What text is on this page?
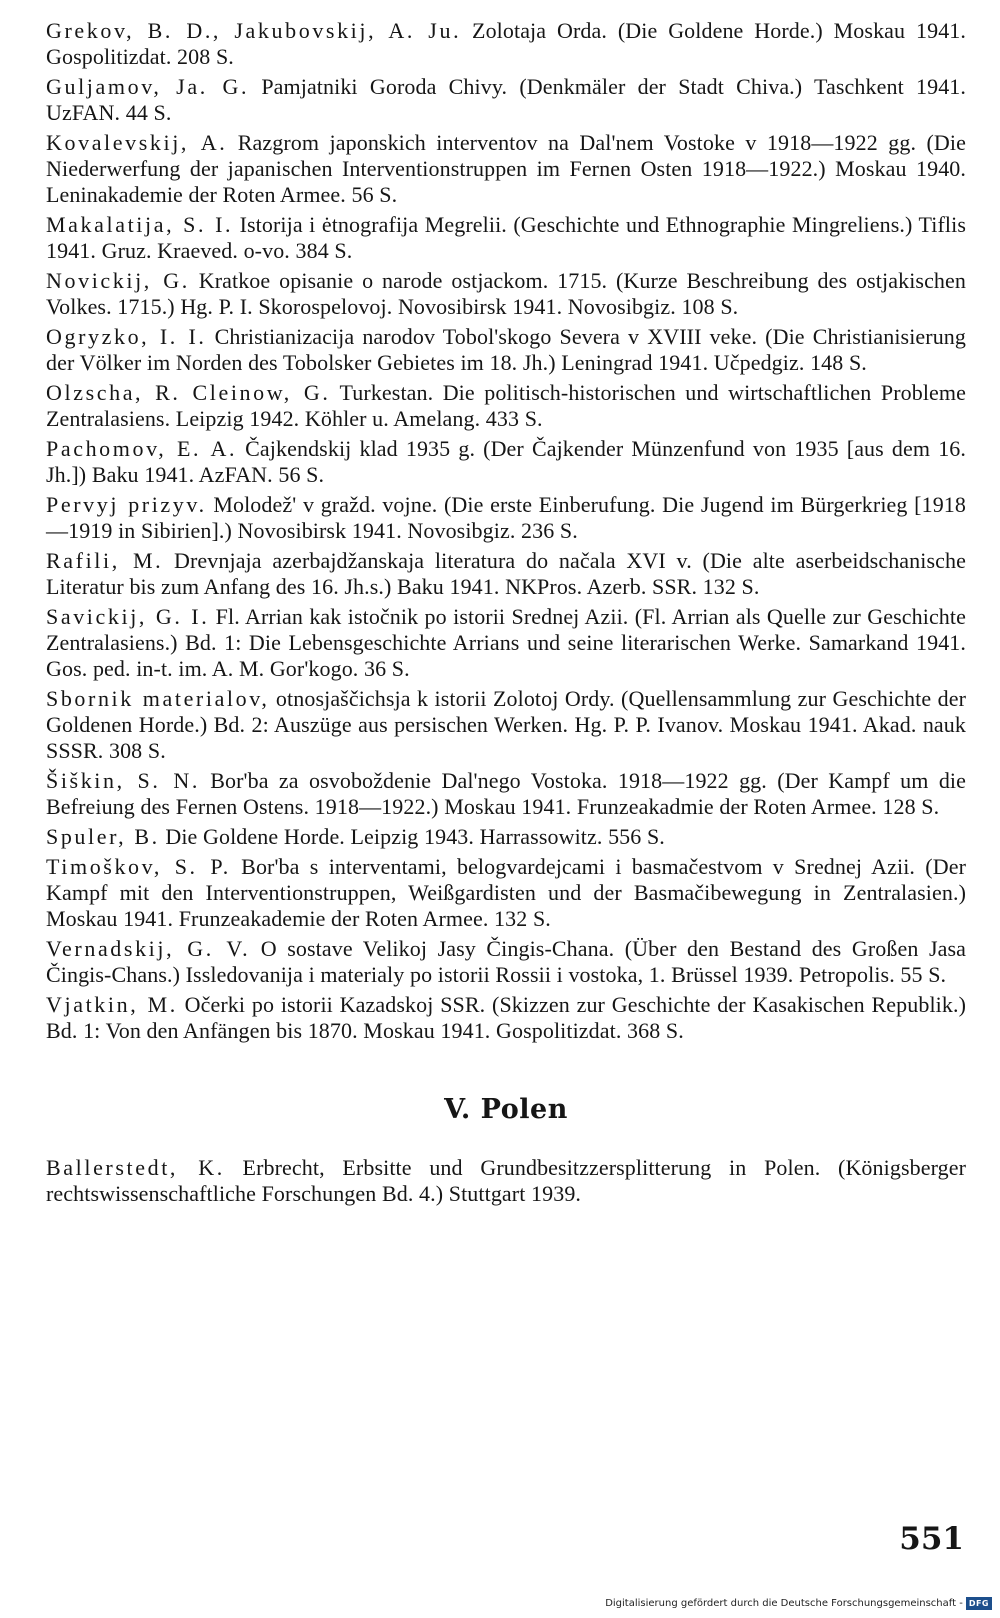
Grekov, B. D., Jakubovskij, A. Ju. Zolotaja Orda. (Die Goldene Horde.) Moskau 1941. Gospolitizdat. 208 S.

Guljamov, Ja. G. Pamjatniki Goroda Chivy. (Denkmäler der Stadt Chiva.) Taschkent 1941. UzFAN. 44 S.

Kovalevskij, A. Razgrom japonskich interventov na Dal'nem Vostoke v 1918—1922 gg. (Die Niederwerfung der japanischen Interventionstruppen im Fernen Osten 1918—1922.) Moskau 1940. Leninakademie der Roten Armee. 56 S.

Makalatija, S. I. Istorija i ėtnografija Megrelii. (Geschichte und Ethnographie Mingreliens.) Tiflis 1941. Gruz. Kraeved. o-vo. 384 S.

Novickij, G. Kratkoe opisanie o narode ostjackom. 1715. (Kurze Beschreibung des ostjakischen Volkes. 1715.) Hg. P. I. Skorospelovoj. Novosibirsk 1941. Novosibgiz. 108 S.

Ogryzko, I. I. Christianizacija narodov Tobol'skogo Severa v XVIII veke. (Die Christianisierung der Völker im Norden des Tobolsker Gebietes im 18. Jh.) Leningrad 1941. Učpedgiz. 148 S.

Olzscha, R. Cleinow, G. Turkestan. Die politisch-historischen und wirtschaftlichen Probleme Zentralasiens. Leipzig 1942. Köhler u. Amelang. 433 S.

Pachomov, E. A. Čajkendskij klad 1935 g. (Der Čajkender Münzenfund von 1935 [aus dem 16. Jh.]) Baku 1941. AzFAN. 56 S.

Pervyj prizyv. Molodež' v gražd. vojne. (Die erste Einberufung. Die Jugend im Bürgerkrieg [1918—1919 in Sibirien].) Novosibirsk 1941. Novosibgiz. 236 S.

Rafili, M. Drevnjaja azerbajdžanskaja literatura do načala XVI v. (Die alte aserbeidschanische Literatur bis zum Anfang des 16. Jh.s.) Baku 1941. NKPros. Azerb. SSR. 132 S.

Savickij, G. I. Fl. Arrian kak istočnik po istorii Srednej Azii. (Fl. Arrian als Quelle zur Geschichte Zentralasiens.) Bd. 1: Die Lebensgeschichte Arrians und seine literarischen Werke. Samarkand 1941. Gos. ped. in-t. im. A. M. Gor'kogo. 36 S.

Sbornik materialov, otnosjaščichsja k istorii Zolotoj Ordy. (Quellensammlung zur Geschichte der Goldenen Horde.) Bd. 2: Auszüge aus persischen Werken. Hg. P. P. Ivanov. Moskau 1941. Akad. nauk SSSR. 308 S.

Šiškin, S. N. Bor'ba za osvoboždenie Dal'nego Vostoka. 1918—1922 gg. (Der Kampf um die Befreiung des Fernen Ostens. 1918—1922.) Moskau 1941. Frunzeakadmie der Roten Armee. 128 S.

Spuler, B. Die Goldene Horde. Leipzig 1943. Harrassowitz. 556 S.

Timoškov, S. P. Bor'ba s interventami, belogvardejcami i basmačestvom v Srednej Azii. (Der Kampf mit den Interventionstruppen, Weißgardisten und der Basmačibewegung in Zentralasien.) Moskau 1941. Frunzeakademie der Roten Armee. 132 S.

Vernadskij, G. V. O sostave Velikoj Jasy Čingis-Chana. (Über den Bestand des Großen Jasa Čingis-Chans.) Issledovanija i materialy po istorii Rossii i vostoka, 1. Brüssel 1939. Petropolis. 55 S.

Vjatkin, M. Očerki po istorii Kazadskoj SSR. (Skizzen zur Geschichte der Kasakischen Republik.) Bd. 1: Von den Anfängen bis 1870. Moskau 1941. Gospolitizdat. 368 S.

V. Polen

Ballerstedt, K. Erbrecht, Erbsitte und Grundbesitzzersplitterung in Polen. (Königsberger rechtswissenschaftliche Forschungen Bd. 4.) Stuttgart 1939.

551
Digitalisierung gefördert durch die Deutsche Forschungsgemeinschaft - DFG
